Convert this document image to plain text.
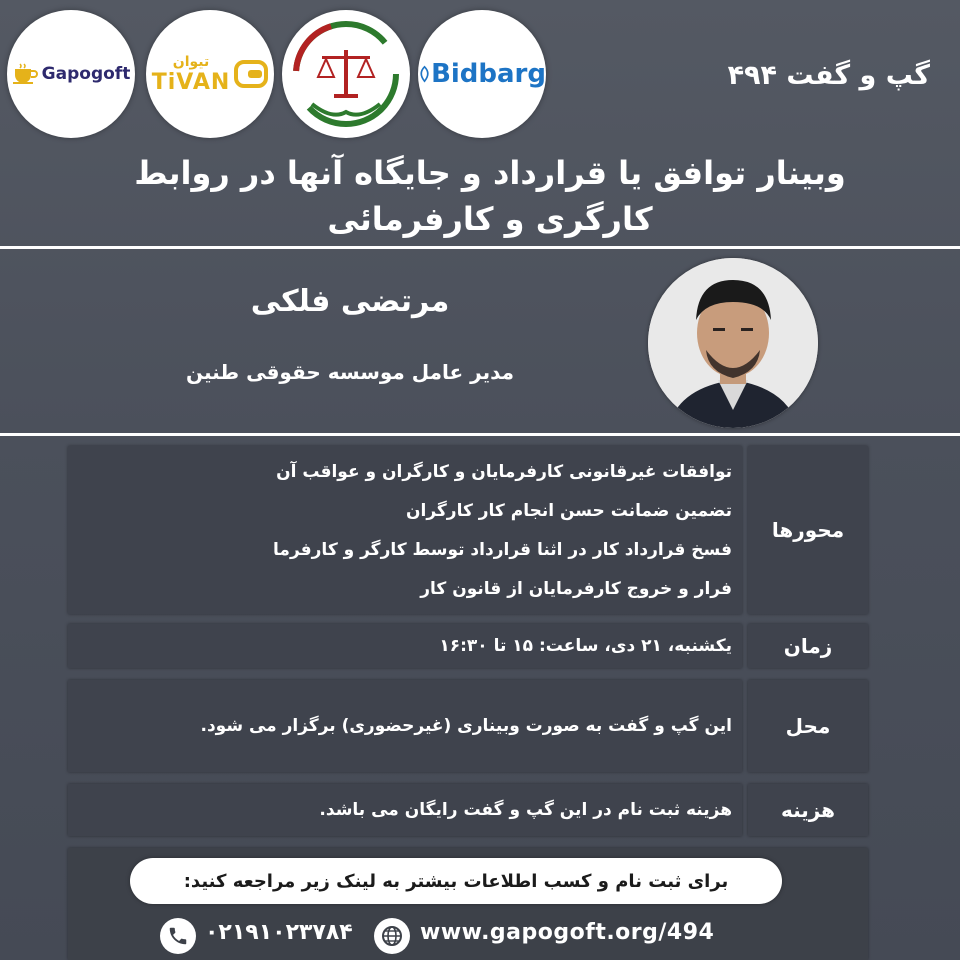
Gapogoft
تیوان
TiVAN	Bidbarg	گپ و گفت ۴۹۴
وبینار توافق یا قرارداد و جایگاه آنها در روابط
کارگری و کارفرمائی
مرتضی فلکی
مدیر عامل موسسه حقوقی طنین
محورها
توافقات غیرقانونی کارفرمایان و کارگران و عواقب آن
تضمین ضمانت حسن انجام کار کارگران
فسخ قرارداد کار در اثنا قرارداد توسط کارگر و کارفرما
فرار و خروج کارفرمایان از قانون کار
زمان
یکشنبه، ۲۱ دی، ساعت: ۱۵ تا ۱۶:۳۰
محل
این گپ و گفت به صورت وبیناری (غیرحضوری) برگزار می شود.
هزینه
هزینه ثبت نام در این گپ و گفت رایگان می باشد.
برای ثبت نام و کسب اطلاعات بیشتر به لینک زیر مراجعه کنید:
۰۲۱۹۱۰۲۳۷۸۴	www.gapogoft.org/494
